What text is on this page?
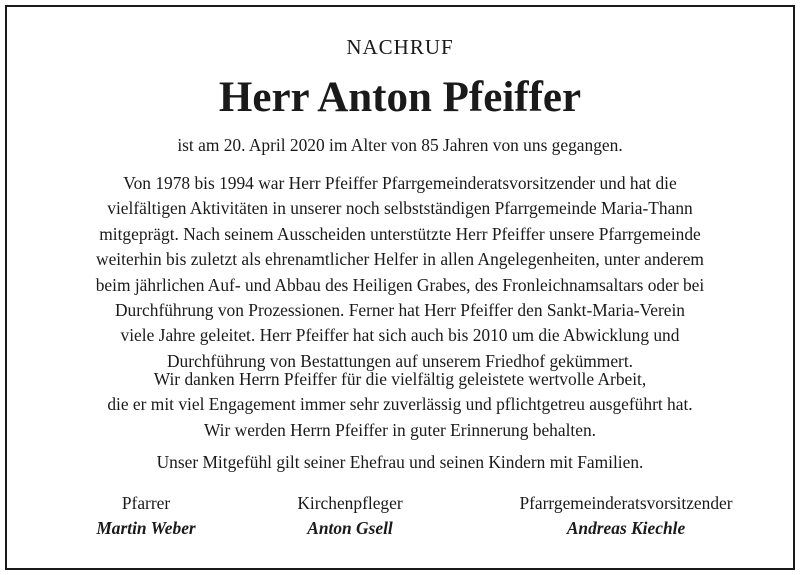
NACHRUF
Herr Anton Pfeiffer
ist am 20. April 2020 im Alter von 85 Jahren von uns gegangen.
Von 1978 bis 1994 war Herr Pfeiffer Pfarrgemeinderatsvorsitzender und hat die
vielfältigen Aktivitäten in unserer noch selbstständigen Pfarrgemeinde Maria-Thann
mitgeprägt. Nach seinem Ausscheiden unterstützte Herr Pfeiffer unsere Pfarrgemeinde
weiterhin bis zuletzt als ehrenamtlicher Helfer in allen Angelegenheiten, unter anderem
beim jährlichen Auf- und Abbau des Heiligen Grabes, des Fronleichnamsaltars oder bei
Durchführung von Prozessionen. Ferner hat Herr Pfeiffer den Sankt-Maria-Verein
viele Jahre geleitet. Herr Pfeiffer hat sich auch bis 2010 um die Abwicklung und
Durchführung von Bestattungen auf unserem Friedhof gekümmert.
Wir danken Herrn Pfeiffer für die vielfältig geleistete wertvolle Arbeit,
die er mit viel Engagement immer sehr zuverlässig und pflichtgetreu ausgeführt hat.
Wir werden Herrn Pfeiffer in guter Erinnerung behalten.
Unser Mitgefühl gilt seiner Ehefrau und seinen Kindern mit Familien.
Pfarrer
Martin Weber
Kirchenpfleger
Anton Gsell
Pfarrgemeinderatsvorsitzender
Andreas Kiechle
